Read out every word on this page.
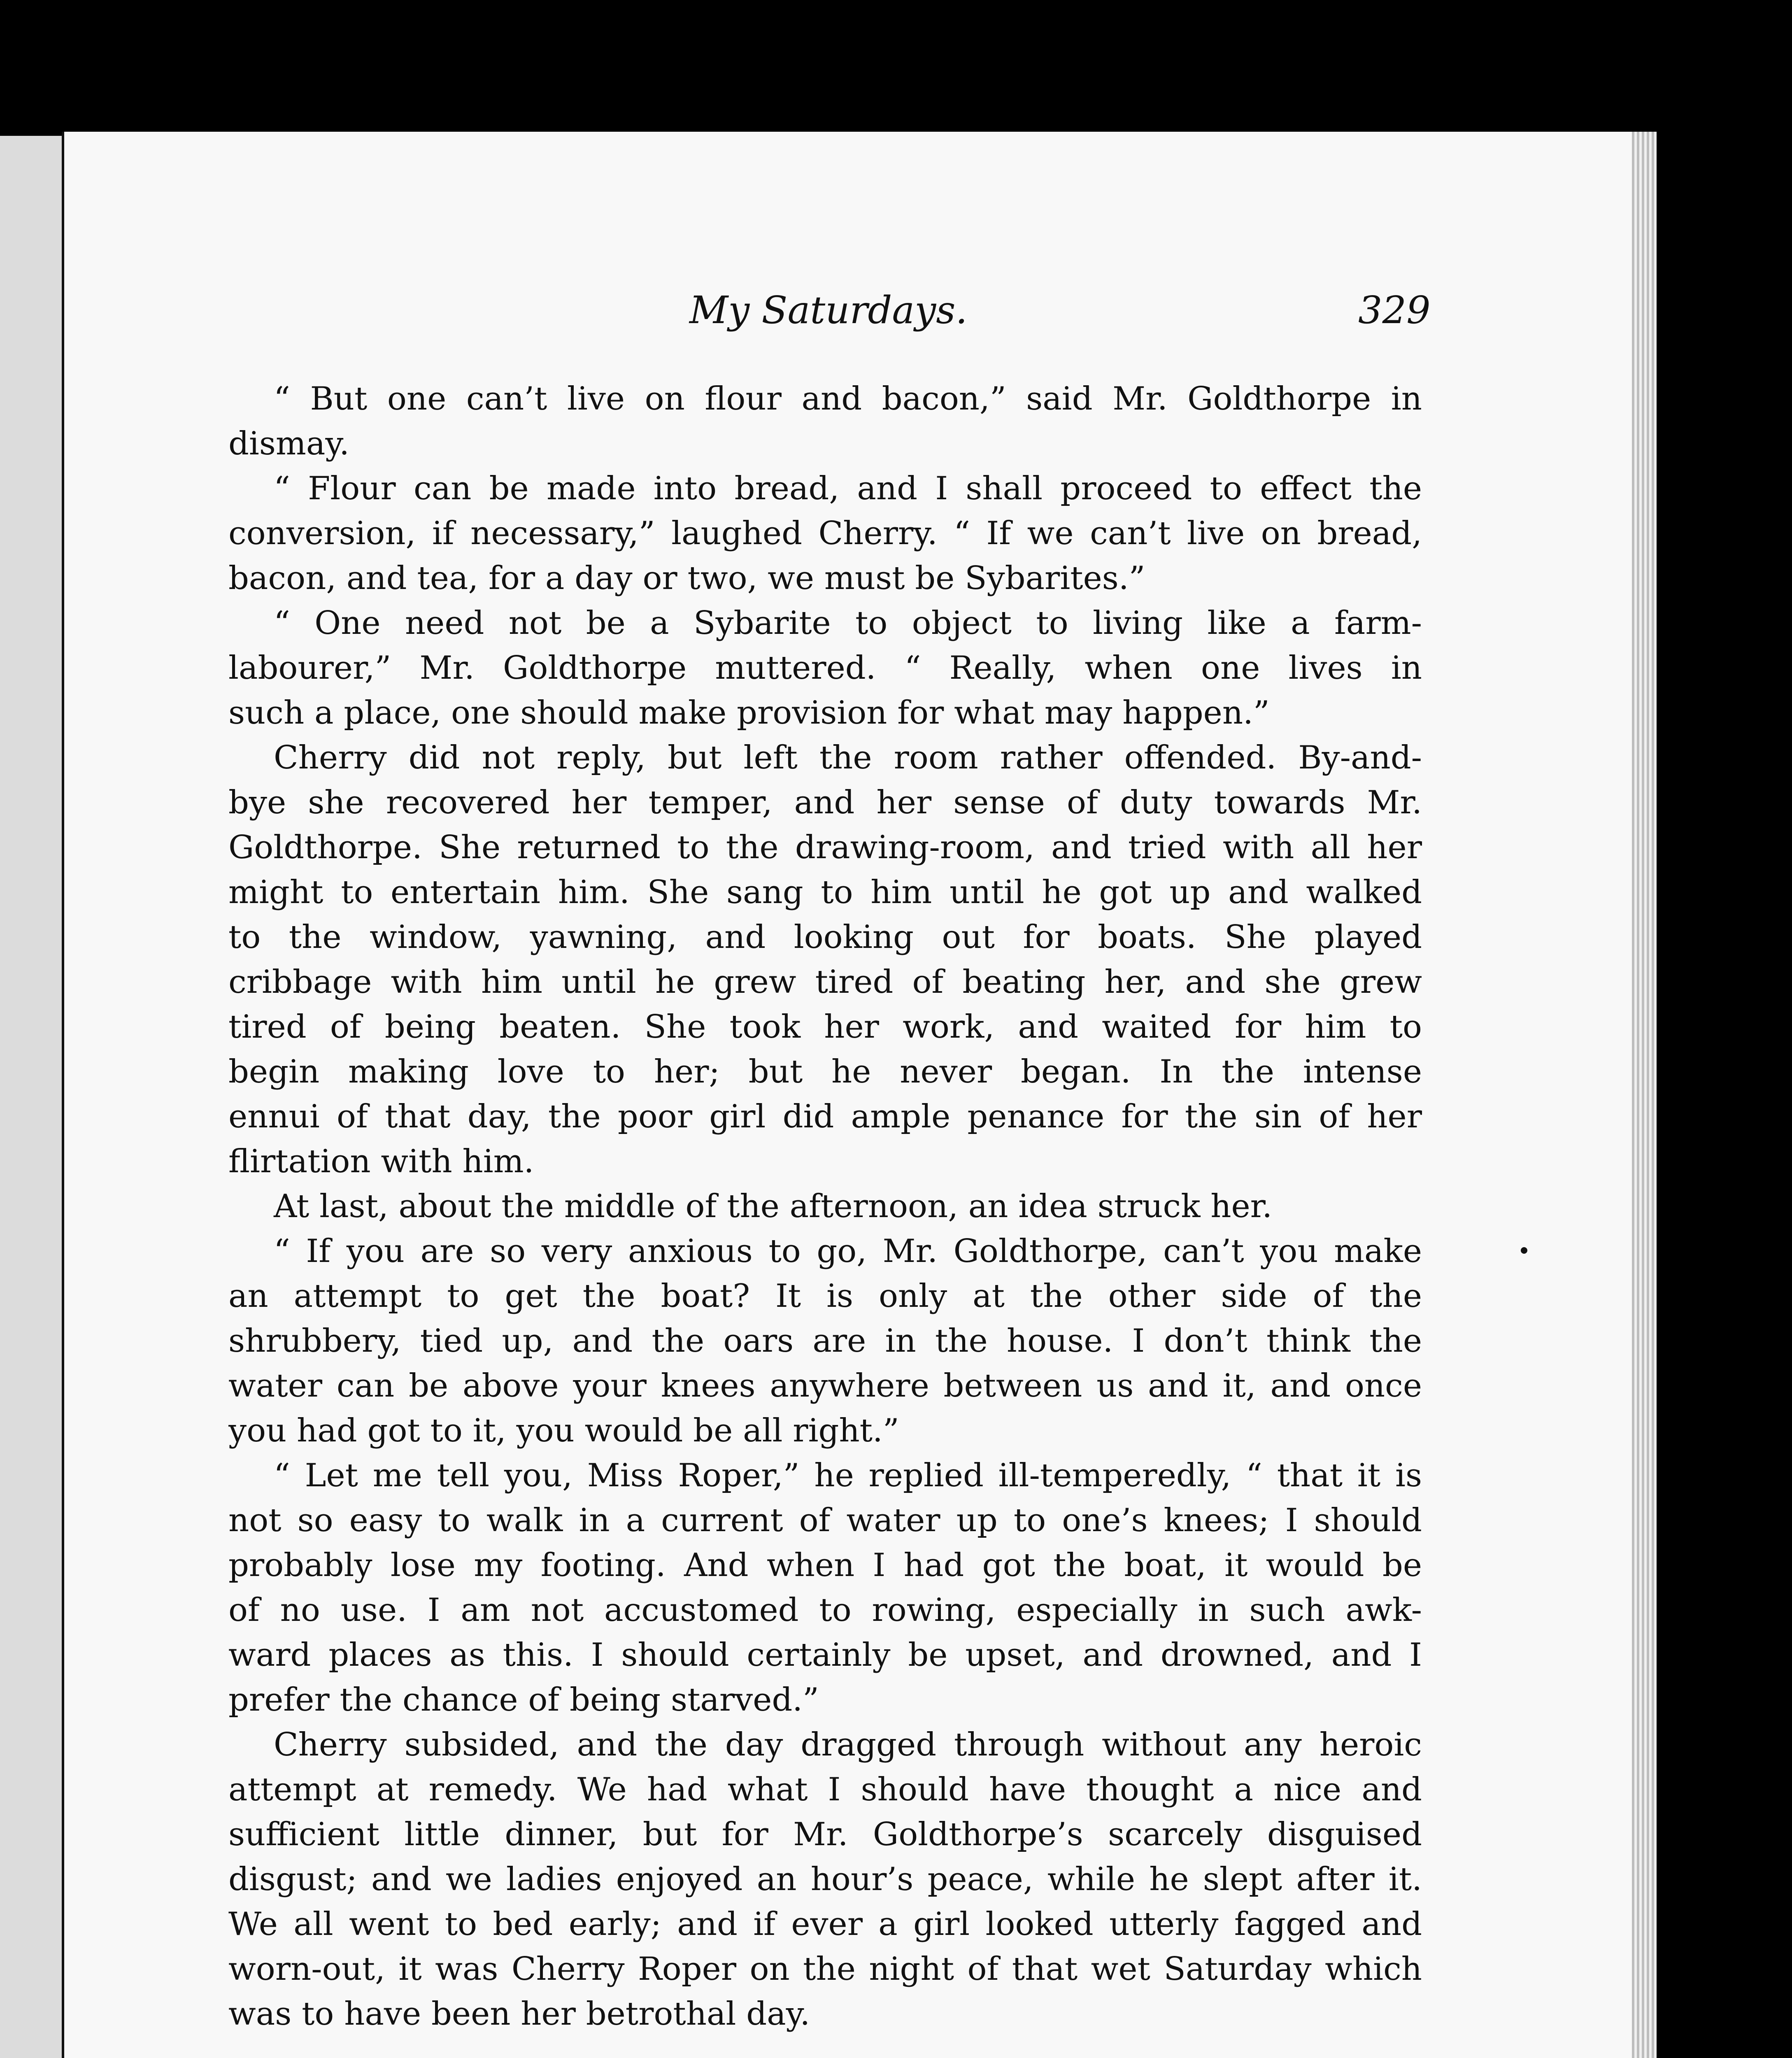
My Saturdays.	329
“ But one can’t live on flour and bacon,” said Mr. Goldthorpe in
dismay.
“ Flour can be made into bread, and I shall proceed to effect the
conversion, if necessary,” laughed Cherry. “ If we can’t live on bread,
bacon, and tea, for a day or two, we must be Sybarites.”
“ One need not be a Sybarite to object to living like a farm-
labourer,” Mr. Goldthorpe muttered. “ Really, when one lives in
such a place, one should make provision for what may happen.”
Cherry did not reply, but left the room rather offended. By-and-
bye she recovered her temper, and her sense of duty towards Mr.
Goldthorpe. She returned to the drawing-room, and tried with all her
might to entertain him. She sang to him until he got up and walked
to the window, yawning, and looking out for boats. She played
cribbage with him until he grew tired of beating her, and she grew
tired of being beaten. She took her work, and waited for him to
begin making love to her; but he never began. In the intense
ennui of that day, the poor girl did ample penance for the sin of her
flirtation with him.
At last, about the middle of the afternoon, an idea struck her.
“ If you are so very anxious to go, Mr. Goldthorpe, can’t you make
an attempt to get the boat? It is only at the other side of the
shrubbery, tied up, and the oars are in the house. I don’t think the
water can be above your knees anywhere between us and it, and once
you had got to it, you would be all right.”
“ Let me tell you, Miss Roper,” he replied ill-temperedly, “ that it is
not so easy to walk in a current of water up to one’s knees; I should
probably lose my footing. And when I had got the boat, it would be
of no use. I am not accustomed to rowing, especially in such awk-
ward places as this. I should certainly be upset, and drowned, and I
prefer the chance of being starved.”
Cherry subsided, and the day dragged through without any heroic
attempt at remedy. We had what I should have thought a nice and
sufficient little dinner, but for Mr. Goldthorpe’s scarcely disguised
disgust; and we ladies enjoyed an hour’s peace, while he slept after it.
We all went to bed early; and if ever a girl looked utterly fagged and
worn-out, it was Cherry Roper on the night of that wet Saturday which
was to have been her betrothal day.
